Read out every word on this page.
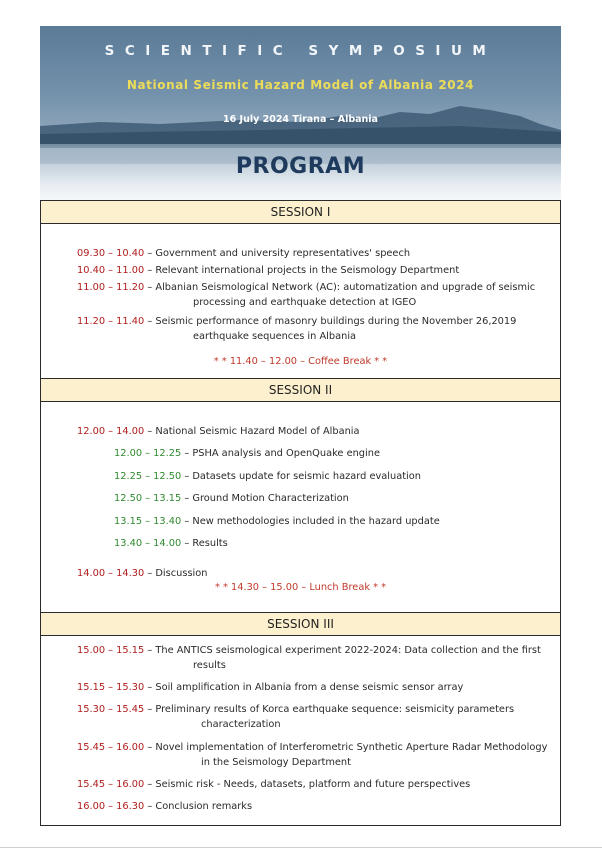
SCIENTIFIC SYMPOSIUM
National Seismic Hazard Model of Albania 2024
16 July 2024 Tirana – Albania
PROGRAM
SESSION I
09.30 – 10.40 – Government and university representatives' speech
10.40 – 11.00 – Relevant international projects in the Seismology Department
11.00 – 11.20 – Albanian Seismological Network (AC): automatization and upgrade of seismic
processing and earthquake detection at IGEO
11.20 – 11.40 – Seismic performance of masonry buildings during the November 26,2019
earthquake sequences in Albania
* * 11.40 – 12.00 – Coffee Break * *
SESSION II
12.00 – 14.00 – National Seismic Hazard Model of Albania
12.00 – 12.25 – PSHA analysis and OpenQuake engine
12.25 – 12.50 – Datasets update for seismic hazard evaluation
12.50 – 13.15 – Ground Motion Characterization
13.15 – 13.40 – New methodologies included in the hazard update
13.40 – 14.00 – Results
14.00 – 14.30 – Discussion
* * 14.30 – 15.00 – Lunch Break * *
SESSION III
15.00 – 15.15 – The ANTICS seismological experiment 2022-2024: Data collection and the first
results
15.15 – 15.30 – Soil amplification in Albania from a dense seismic sensor array
15.30 – 15.45 – Preliminary results of Korca earthquake sequence: seismicity parameters
characterization
15.45 – 16.00 – Novel implementation of Interferometric Synthetic Aperture Radar Methodology
in the Seismology Department
15.45 – 16.00 – Seismic risk - Needs, datasets, platform and future perspectives
16.00 – 16.30 – Conclusion remarks
